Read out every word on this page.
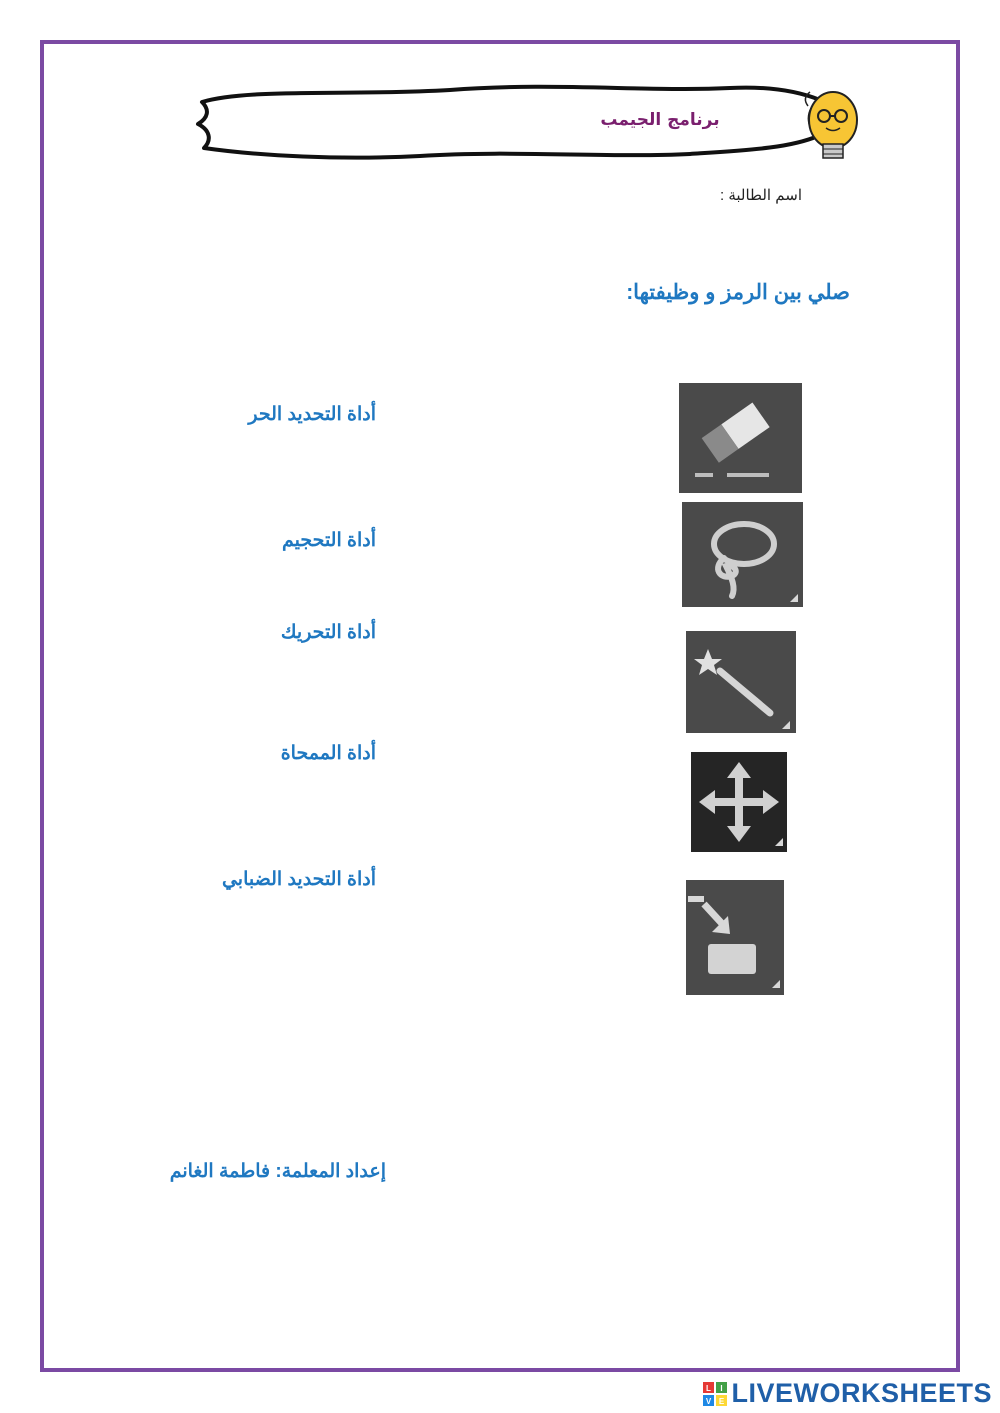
برنامج الجيمب
اسم الطالبة :
صلي بين الرمز و وظيفتها:
أداة التحديد الحر
أداة التحجيم
أداة التحريك
أداة الممحاة
أداة التحديد الضبابي
إعداد المعلمة: فاطمة الغانم
L I
V E LIVEWORKSHEETS
